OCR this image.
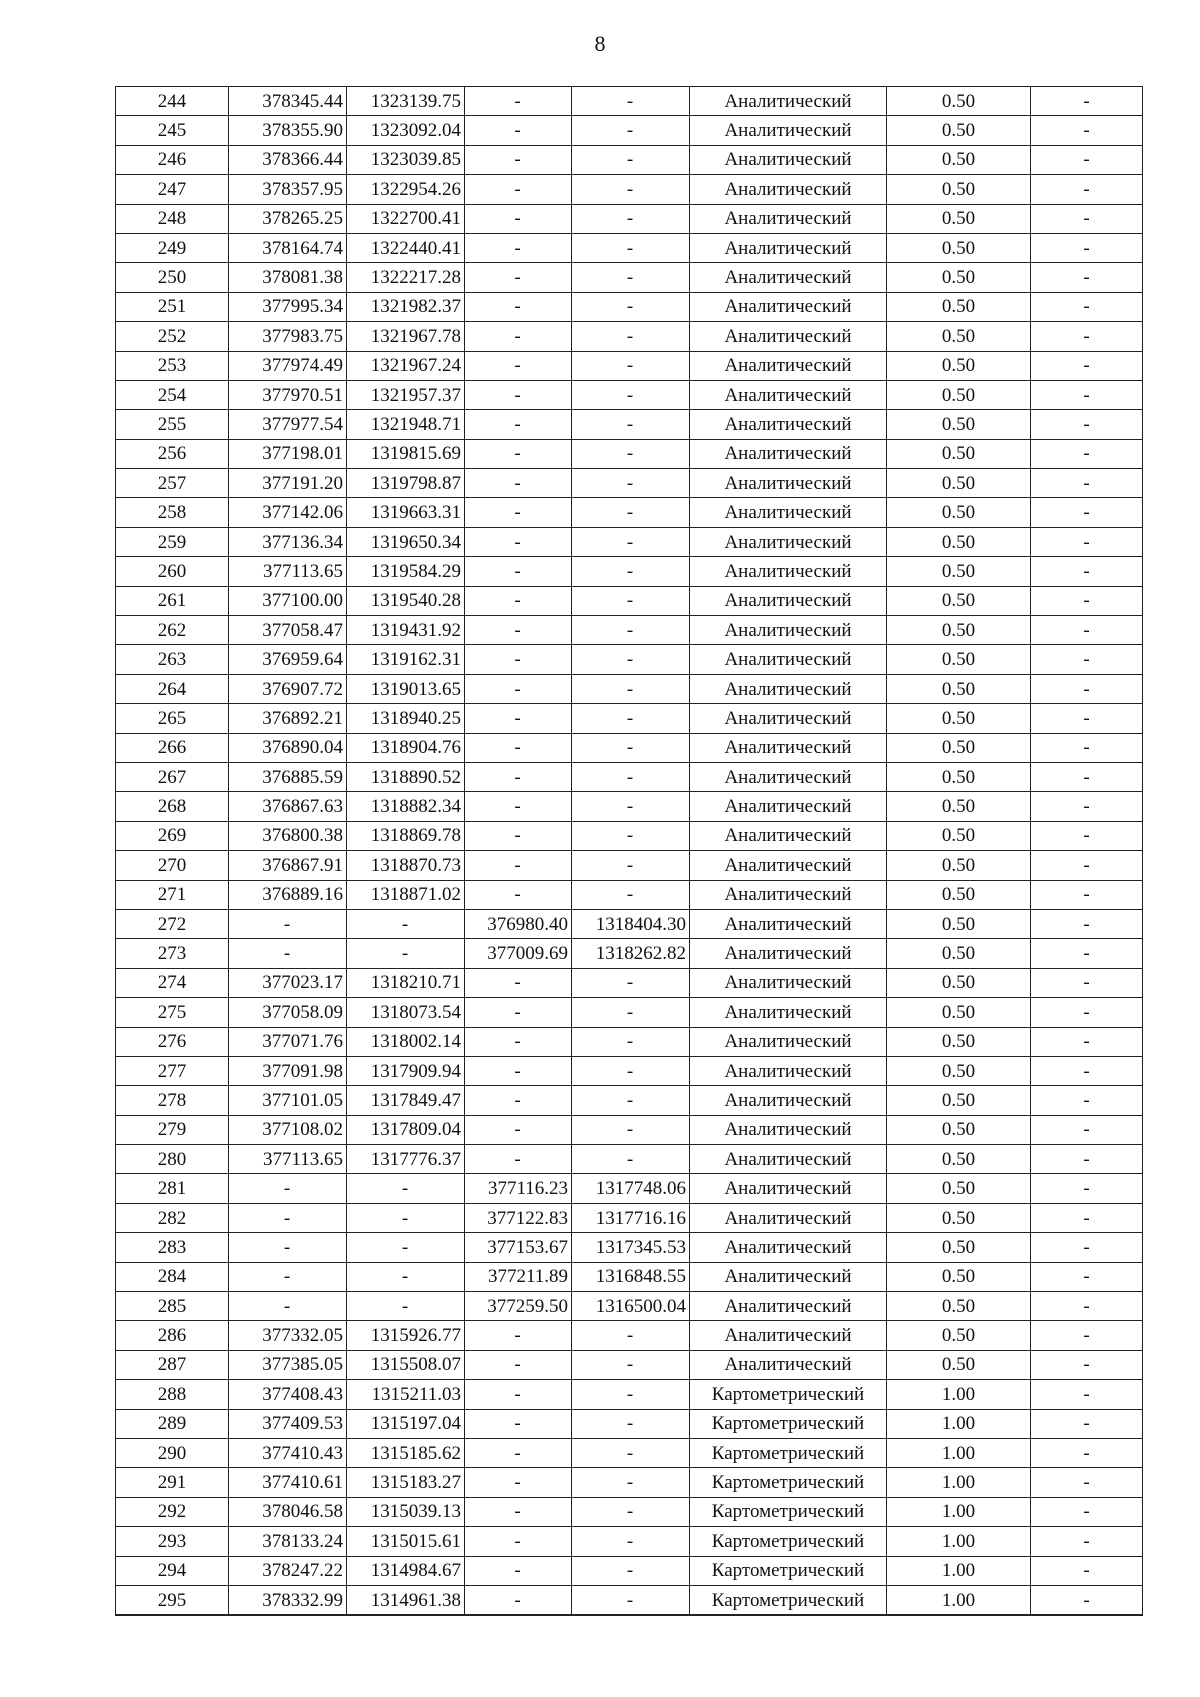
8
244	378345.44	1323139.75	-	-	Аналитический	0.50	-
245	378355.90	1323092.04	-	-	Аналитический	0.50	-
246	378366.44	1323039.85	-	-	Аналитический	0.50	-
247	378357.95	1322954.26	-	-	Аналитический	0.50	-
248	378265.25	1322700.41	-	-	Аналитический	0.50	-
249	378164.74	1322440.41	-	-	Аналитический	0.50	-
250	378081.38	1322217.28	-	-	Аналитический	0.50	-
251	377995.34	1321982.37	-	-	Аналитический	0.50	-
252	377983.75	1321967.78	-	-	Аналитический	0.50	-
253	377974.49	1321967.24	-	-	Аналитический	0.50	-
254	377970.51	1321957.37	-	-	Аналитический	0.50	-
255	377977.54	1321948.71	-	-	Аналитический	0.50	-
256	377198.01	1319815.69	-	-	Аналитический	0.50	-
257	377191.20	1319798.87	-	-	Аналитический	0.50	-
258	377142.06	1319663.31	-	-	Аналитический	0.50	-
259	377136.34	1319650.34	-	-	Аналитический	0.50	-
260	377113.65	1319584.29	-	-	Аналитический	0.50	-
261	377100.00	1319540.28	-	-	Аналитический	0.50	-
262	377058.47	1319431.92	-	-	Аналитический	0.50	-
263	376959.64	1319162.31	-	-	Аналитический	0.50	-
264	376907.72	1319013.65	-	-	Аналитический	0.50	-
265	376892.21	1318940.25	-	-	Аналитический	0.50	-
266	376890.04	1318904.76	-	-	Аналитический	0.50	-
267	376885.59	1318890.52	-	-	Аналитический	0.50	-
268	376867.63	1318882.34	-	-	Аналитический	0.50	-
269	376800.38	1318869.78	-	-	Аналитический	0.50	-
270	376867.91	1318870.73	-	-	Аналитический	0.50	-
271	376889.16	1318871.02	-	-	Аналитический	0.50	-
272	-	-	376980.40	1318404.30	Аналитический	0.50	-
273	-	-	377009.69	1318262.82	Аналитический	0.50	-
274	377023.17	1318210.71	-	-	Аналитический	0.50	-
275	377058.09	1318073.54	-	-	Аналитический	0.50	-
276	377071.76	1318002.14	-	-	Аналитический	0.50	-
277	377091.98	1317909.94	-	-	Аналитический	0.50	-
278	377101.05	1317849.47	-	-	Аналитический	0.50	-
279	377108.02	1317809.04	-	-	Аналитический	0.50	-
280	377113.65	1317776.37	-	-	Аналитический	0.50	-
281	-	-	377116.23	1317748.06	Аналитический	0.50	-
282	-	-	377122.83	1317716.16	Аналитический	0.50	-
283	-	-	377153.67	1317345.53	Аналитический	0.50	-
284	-	-	377211.89	1316848.55	Аналитический	0.50	-
285	-	-	377259.50	1316500.04	Аналитический	0.50	-
286	377332.05	1315926.77	-	-	Аналитический	0.50	-
287	377385.05	1315508.07	-	-	Аналитический	0.50	-
288	377408.43	1315211.03	-	-	Картометрический	1.00	-
289	377409.53	1315197.04	-	-	Картометрический	1.00	-
290	377410.43	1315185.62	-	-	Картометрический	1.00	-
291	377410.61	1315183.27	-	-	Картометрический	1.00	-
292	378046.58	1315039.13	-	-	Картометрический	1.00	-
293	378133.24	1315015.61	-	-	Картометрический	1.00	-
294	378247.22	1314984.67	-	-	Картометрический	1.00	-
295	378332.99	1314961.38	-	-	Картометрический	1.00	-
